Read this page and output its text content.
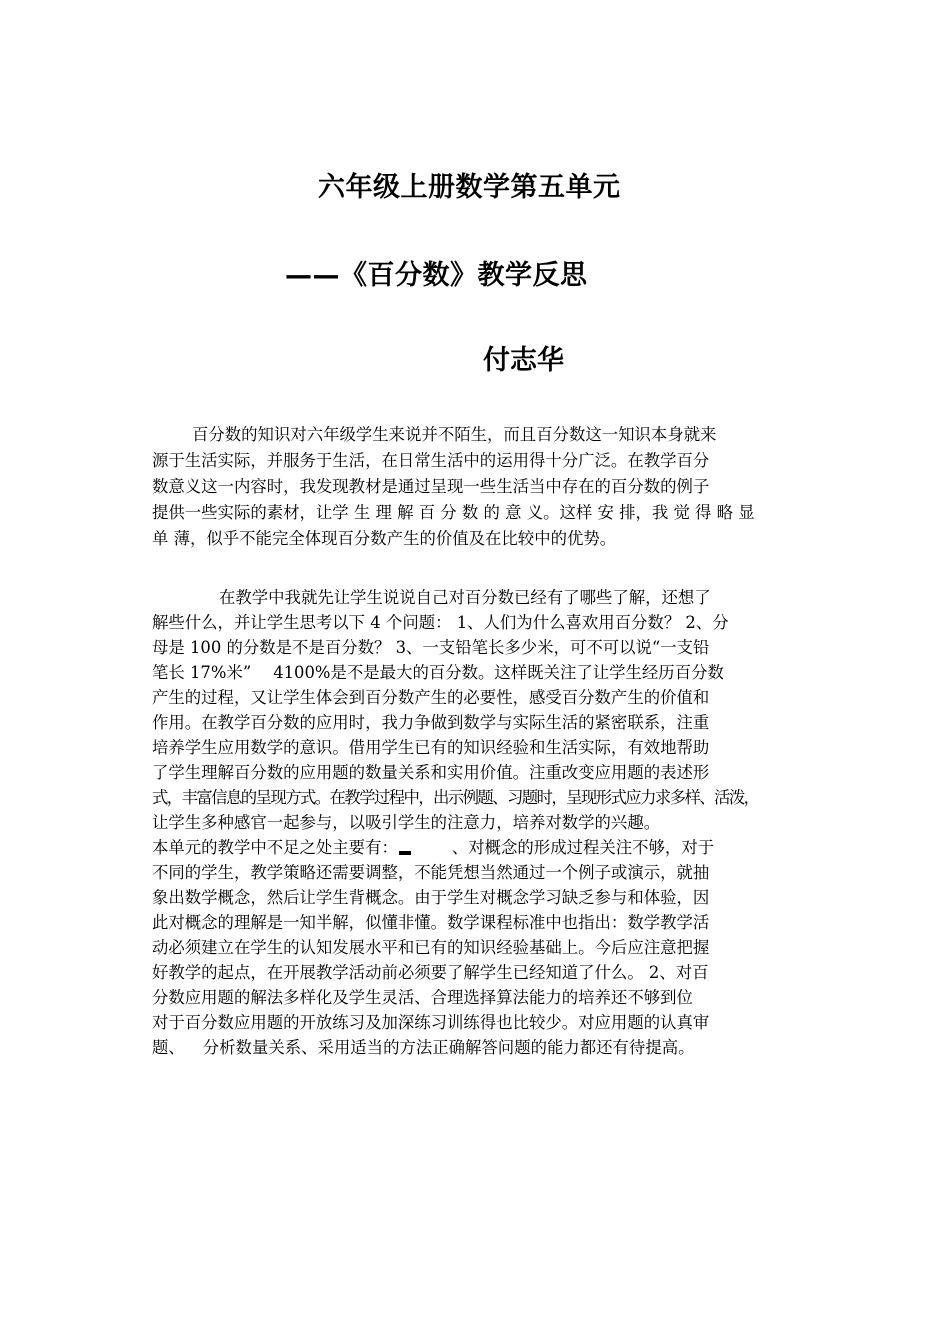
六年级上册数学第五单元
——《百分数》教学反思
付志华

百分数的知识对六年级学生来说并不陌生，而且百分数这一知识本身就来

源于生活实际，并服务于生活，在日常生活中的运用得十分广泛。在教学百分

数意义这一内容时，我发现教材是通过呈现一些生活当中存在的百分数的例子

提供一些实际的素材，让学 生 理 解 百 分 数 的 意 义。这样 安 排，我 觉 得 略 显

单 薄，似乎不能完全体现百分数产生的价值及在比较中的优势。

在教学中我就先让学生说说自己对百分数已经有了哪些了解，还想了

解些什么，并让学生思考以下 4 个问题： 1、人们为什么喜欢用百分数？ 2、分

母是 100 的分数是不是百分数？ 3、一支铅笔长多少米，可不可以说“一支铅

笔长 17%米” 4100%是不是最大的百分数。这样既关注了让学生经历百分数

产生的过程，又让学生体会到百分数产生的必要性，感受百分数产生的价值和

作用。在教学百分数的应用时，我力争做到数学与实际生活的紧密联系，注重

培养学生应用数学的意识。借用学生已有的知识经验和生活实际，有效地帮助

了学生理解百分数的应用题的数量关系和实用价值。注重改变应用题的表述形

式，丰富信息的呈现方式。在教学过程中，出示例题、习题时，呈现形式应力求多样、活泼，

让学生多种感官一起参与，以吸引学生的注意力，培养对数学的兴趣。

本单元的教学中不足之处主要有：	、对概念的形成过程关注不够，对于

不同的学生，教学策略还需要调整，不能凭想当然通过一个例子或演示，就抽

象出数学概念，然后让学生背概念。由于学生对概念学习缺乏参与和体验，因

此对概念的理解是一知半解，似懂非懂。数学课程标准中也指出：数学教学活

动必须建立在学生的认知发展水平和已有的知识经验基础上。今后应注意把握

好教学的起点，在开展教学活动前必须要了解学生已经知道了什么。 2、对百

分数应用题的解法多样化及学生灵活、合理选择算法能力的培养还不够到位

对于百分数应用题的开放练习及加深练习训练得也比较少。对应用题的认真审

题、 分析数量关系、采用适当的方法正确解答问题的能力都还有待提高。
